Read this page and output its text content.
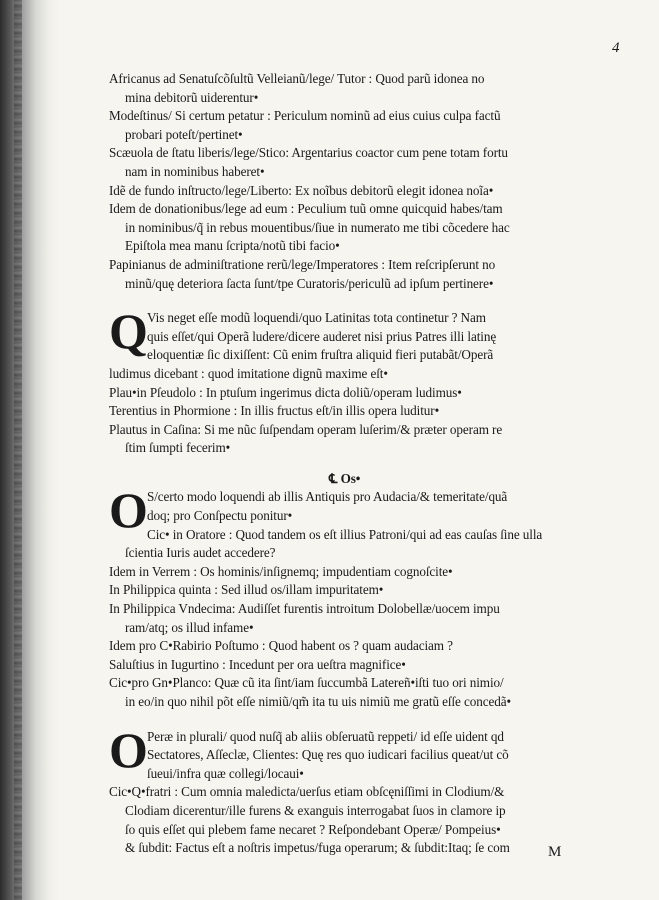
4
Africanus ad Senatuſcõſultũ Velleianũ/lege/ Tutor : Quod parũ idonea no
mina debitorũ uiderentur•
Modeſtinus/ Si certum petatur : Periculum nominũ ad eius cuius culpa factũ
probari poteſt/pertinet•
Scæuola de ſtatu liberis/lege/Stico: Argentarius coactor cum pene totam fortu
nam in nominibus haberet•
Idẽ de fundo inſtructo/lege/Liberto: Ex noĩbus debitorũ elegit idonea noĩa•
Idem de donationibus/lege ad eum : Peculium tuũ omne quicquid habes/tam
in nominibus/q̃ in rebus mouentibus/ſiue in numerato me tibi cõcedere hac
Epiſtola mea manu ſcripta/notũ tibi facio•
Papinianus de adminiſtratione rerũ/lege/Imperatores : Item reſcripſerunt no
minũ/quę deteriora ſacta ſunt/tpe Curatoris/periculũ ad ipſum pertinere•
Q Vis neget eſſe modũ loquendi/quo Latinitas tota continetur ? Nam
quis eſſet/qui Operã ludere/dicere auderet nisi prius Patres illi latinę
eloquentiæ ſic dixiſſent: Cũ enim fruſtra aliquid fieri putabãt/Operã
ludimus dicebant : quod imitatione dignũ maxime eſt•
Plau•in Pſeudolo : In ptuſum ingerimus dicta doliũ/operam ludimus•
Terentius in Phormione : In illis fructus eſt/in illis opera luditur•
Plautus in Caſina: Si me nũc ſuſpendam operam luſerim/& præter operam re
ſtim ſumpti fecerim•
℄ Os•
O S/certo modo loquendi ab illis Antiquis pro Audacia/& temeritate/quã
doq; pro Conſpectu ponitur•
Cic• in Oratore : Quod tandem os eſt illius Patroni/qui ad eas cauſas ſine ulla
ſcientia Iuris audet accedere?
Idem in Verrem : Os hominis/inſignemq; impudentiam cognoſcite•
In Philippica quinta : Sed illud os/illam impuritatem•
In Philippica Vndecima: Audiſſet furentis introitum Dolobellæ/uocem impu
ram/atq; os illud infame•
Idem pro C•Rabirio Poſtumo : Quod habent os ? quam audaciam ?
Saluſtius in Iugurtino : Incedunt per ora ueſtra magnifice•
Cic•pro Gn•Planco: Quæ cũ ita ſint/iam ſuccumbã Latereñ•iſti tuo ori nimio/
in eo/in quo nihil põt eſſe nimiũ/qm̃ ita tu uis nimiũ me gratũ eſſe concedã•
O Peræ in plurali/ quod nuſq̃ ab aliis obſeruatũ reppeti/ id eſſe uident qd
Sectatores, Aſſeclæ, Clientes: Quę res quo iudicari facilius queat/ut cõ
ſueui/infra quæ collegi/locaui•
Cic•Q•fratri : Cum omnia maledicta/uerſus etiam obſcęniſſimi in Clodium/&
Clodiam dicerentur/ille furens & exanguis interrogabat ſuos in clamore ip
ſo quis eſſet qui plebem fame necaret ? Reſpondebant Operæ/ Pompeius•
& ſubdit: Factus eſt a noſtris impetus/fuga operarum; & ſubdit:Itaq; ſe com	M
